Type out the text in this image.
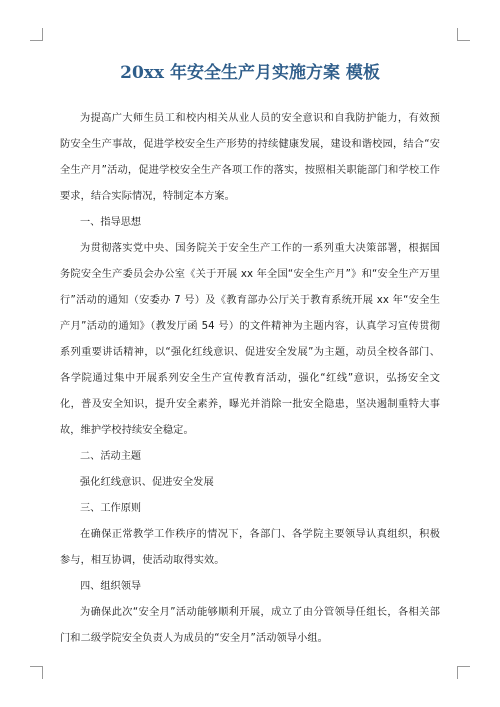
20xx 年安全生产月实施方案 模板

为提高广大师生员工和校内相关从业人员的安全意识和自我防护能力，有效预防安全生产事故，促进学校安全生产形势的持续健康发展，建设和谐校园，结合“安全生产月”活动，促进学校安全生产各项工作的落实，按照相关职能部门和学校工作要求，结合实际情况，特制定本方案。

一、指导思想

为贯彻落实党中央、国务院关于安全生产工作的一系列重大决策部署，根据国务院安全生产委员会办公室《关于开展 xx 年全国“安全生产月”》和“安全生产万里行”活动的通知（安委办 7 号）及《教育部办公厅关于教育系统开展 xx 年“安全生产月”活动的通知》（教发厅函 54 号）的文件精神为主题内容，认真学习宣传贯彻系列重要讲话精神，以“强化红线意识、促进安全发展”为主题，动员全校各部门、各学院通过集中开展系列安全生产宣传教育活动，强化“红线”意识，弘扬安全文化，普及安全知识，提升安全素养，曝光并消除一批安全隐患，坚决遏制重特大事故，维护学校持续安全稳定。

二、活动主题

强化红线意识、促进安全发展

三、工作原则

在确保正常教学工作秩序的情况下，各部门、各学院主要领导认真组织，积极参与，相互协调，使活动取得实效。

四、组织领导

为确保此次“安全月”活动能够顺利开展，成立了由分管领导任组长，各相关部门和二级学院安全负责人为成员的“安全月”活动领导小组。
